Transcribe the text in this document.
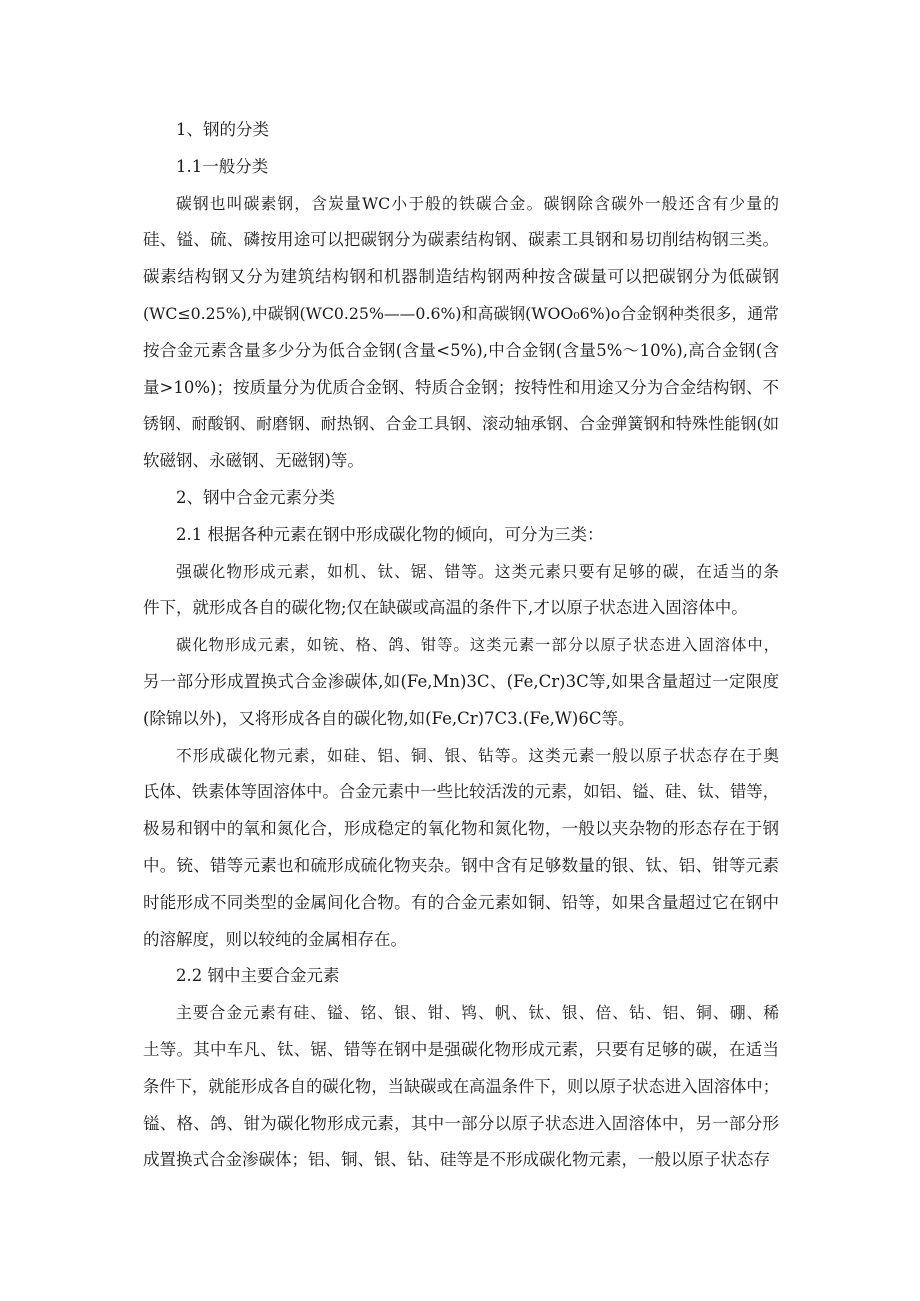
1、钢的分类
1.1一般分类
碳钢也叫碳素钢，含炭量WC小于般的铁碳合金。碳钢除含碳外一般还含有少量的
硅、镒、硫、磷按用途可以把碳钢分为碳素结构钢、碳素工具钢和易切削结构钢三类。
碳素结构钢又分为建筑结构钢和机器制造结构钢两种按含碳量可以把碳钢分为低碳钢
(WC≤0.25%),中碳钢(WC0.25%——0.6%)和高碳钢(WOO₀6%)o合金钢种类很多，通常
按合金元素含量多少分为低合金钢(含量<5%),中合金钢(含量5%～10%),高合金钢(含
量>10%)；按质量分为优质合金钢、特质合金钢；按特性和用途又分为合金结构钢、不
锈钢、耐酸钢、耐磨钢、耐热钢、合金工具钢、滚动轴承钢、合金弹簧钢和特殊性能钢(如
软磁钢、永磁钢、无磁钢)等。
2、钢中合金元素分类
2.1 根据各种元素在钢中形成碳化物的倾向，可分为三类：
强碳化物形成元素，如机、钛、锯、错等。这类元素只要有足够的碳，在适当的条
件下，就形成各自的碳化物;仅在缺碳或高温的条件下,才以原子状态进入固溶体中。
碳化物形成元素，如铳、格、鸽、钳等。这类元素一部分以原子状态进入固溶体中，
另一部分形成置换式合金渗碳体,如(Fe,Mn)3C、(Fe,Cr)3C等,如果含量超过一定限度
(除锦以外)，又将形成各自的碳化物,如(Fe,Cr)7C3.(Fe,W)6C等。
不形成碳化物元素，如硅、铝、铜、银、钻等。这类元素一般以原子状态存在于奥
氏体、铁素体等固溶体中。合金元素中一些比较活泼的元素，如铝、镒、硅、钛、错等，
极易和钢中的氧和氮化合，形成稳定的氧化物和氮化物，一般以夹杂物的形态存在于钢
中。铳、错等元素也和硫形成硫化物夹杂。钢中含有足够数量的银、钛、铝、钳等元素
时能形成不同类型的金属间化合物。有的合金元素如铜、铅等，如果含量超过它在钢中
的溶解度，则以较纯的金属相存在。
2.2 钢中主要合金元素
主要合金元素有硅、镒、铭、银、钳、鸨、帆、钛、银、倍、钻、铝、铜、硼、稀
土等。其中车凡、钛、锯、错等在钢中是强碳化物形成元素，只要有足够的碳，在适当
条件下，就能形成各自的碳化物，当缺碳或在高温条件下，则以原子状态进入固溶体中；
镒、格、鸽、钳为碳化物形成元素，其中一部分以原子状态进入固溶体中，另一部分形
成置换式合金渗碳体；铝、铜、银、钻、硅等是不形成碳化物元素，一般以原子状态存
